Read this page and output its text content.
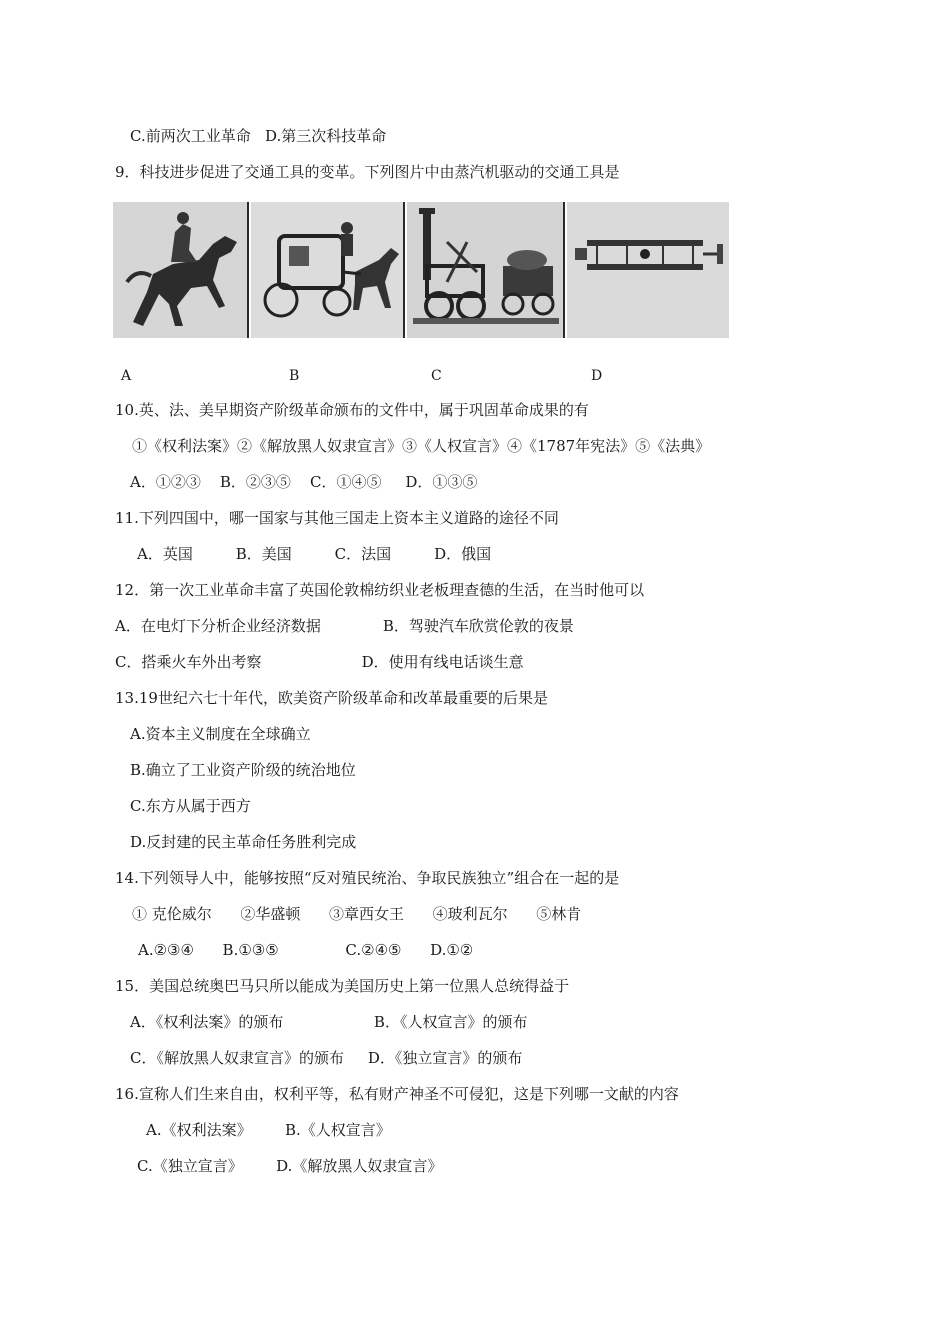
C.前两次工业革命   D.第三次科技革命
9．科技进步促进了交通工具的变革。下列图片中由蒸汽机驱动的交通工具是
A	B	C	D
10.英、法、美早期资产阶级革命颁布的文件中，属于巩固革命成果的有
①《权利法案》②《解放黑人奴隶宣言》③《人权宣言》④《1787年宪法》⑤《法典》
A．①②③    B．②③⑤    C．①④⑤     D．①③⑤
11.下列四国中，哪一国家与其他三国走上资本主义道路的途径不同
A．英国         B．美国         C．法国         D．俄国
12．第一次工业革命丰富了英国伦敦棉纺织业老板理查德的生活，在当时他可以
A．在电灯下分析企业经济数据             B．驾驶汽车欣赏伦敦的夜景
C．搭乘火车外出考察                     D．使用有线电话谈生意
13.19世纪六七十年代，欧美资产阶级革命和改革最重要的后果是
A.资本主义制度在全球确立
B.确立了工业资产阶级的统治地位
C.东方从属于西方
D.反封建的民主革命任务胜利完成
14.下列领导人中，能够按照“反对殖民统治、争取民族独立”组合在一起的是
① 克伦威尔      ②华盛顿      ③章西女王      ④玻利瓦尔      ⑤林肯
A.②③④      B.①③⑤              C.②④⑤      D.①②
15．美国总统奥巴马只所以能成为美国历史上第一位黑人总统得益于
A．《权利法案》的颁布                   B．《人权宣言》的颁布
C．《解放黑人奴隶宣言》的颁布     D．《独立宣言》的颁布
16.宣称人们生来自由，权利平等，私有财产神圣不可侵犯，这是下列哪一文献的内容
A.《权利法案》       B.《人权宣言》
C.《独立宣言》       D.《解放黑人奴隶宣言》
